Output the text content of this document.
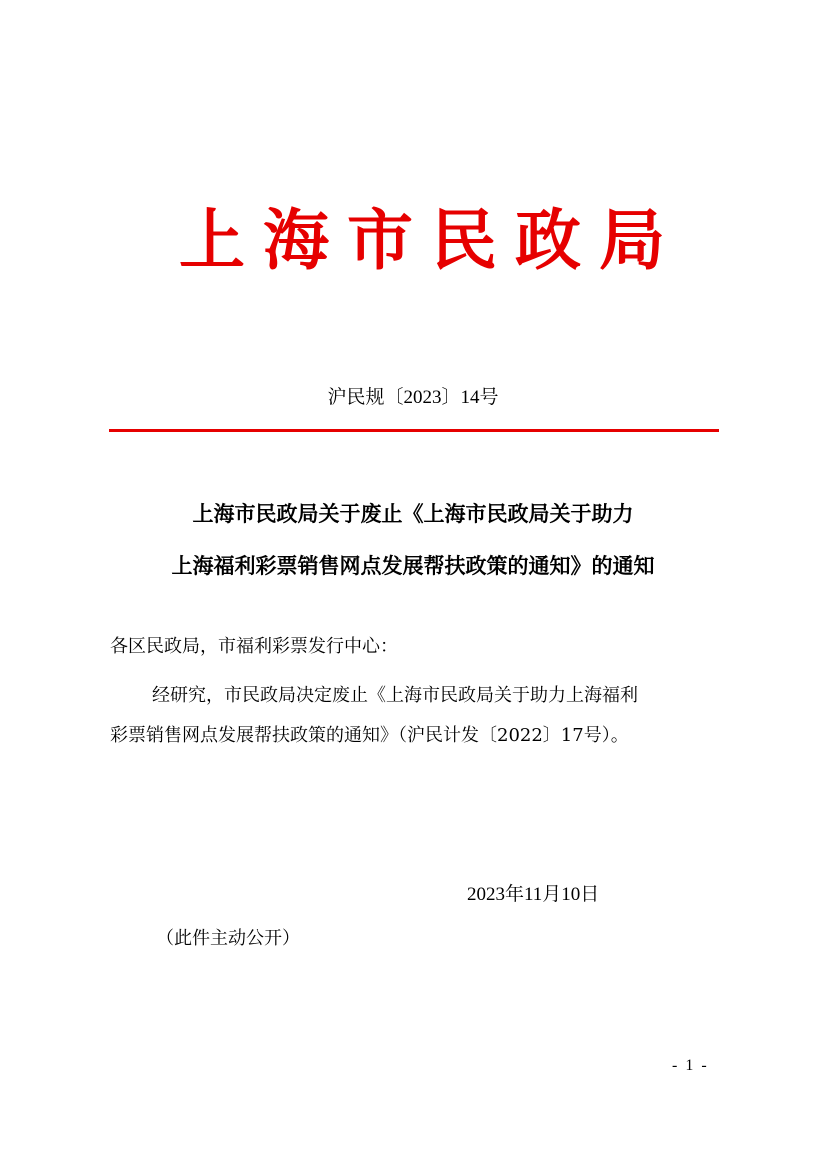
上海市民政局
沪民规〔2023〕14号
上海市民政局关于废止《上海市民政局关于助力
上海福利彩票销售网点发展帮扶政策的通知》的通知
各区民政局，市福利彩票发行中心：
经研究，市民政局决定废止《上海市民政局关于助力上海福利
彩票销售网点发展帮扶政策的通知》（沪民计发〔2022〕17号）。
2023年11月10日
（此件主动公开）
- 1 -
